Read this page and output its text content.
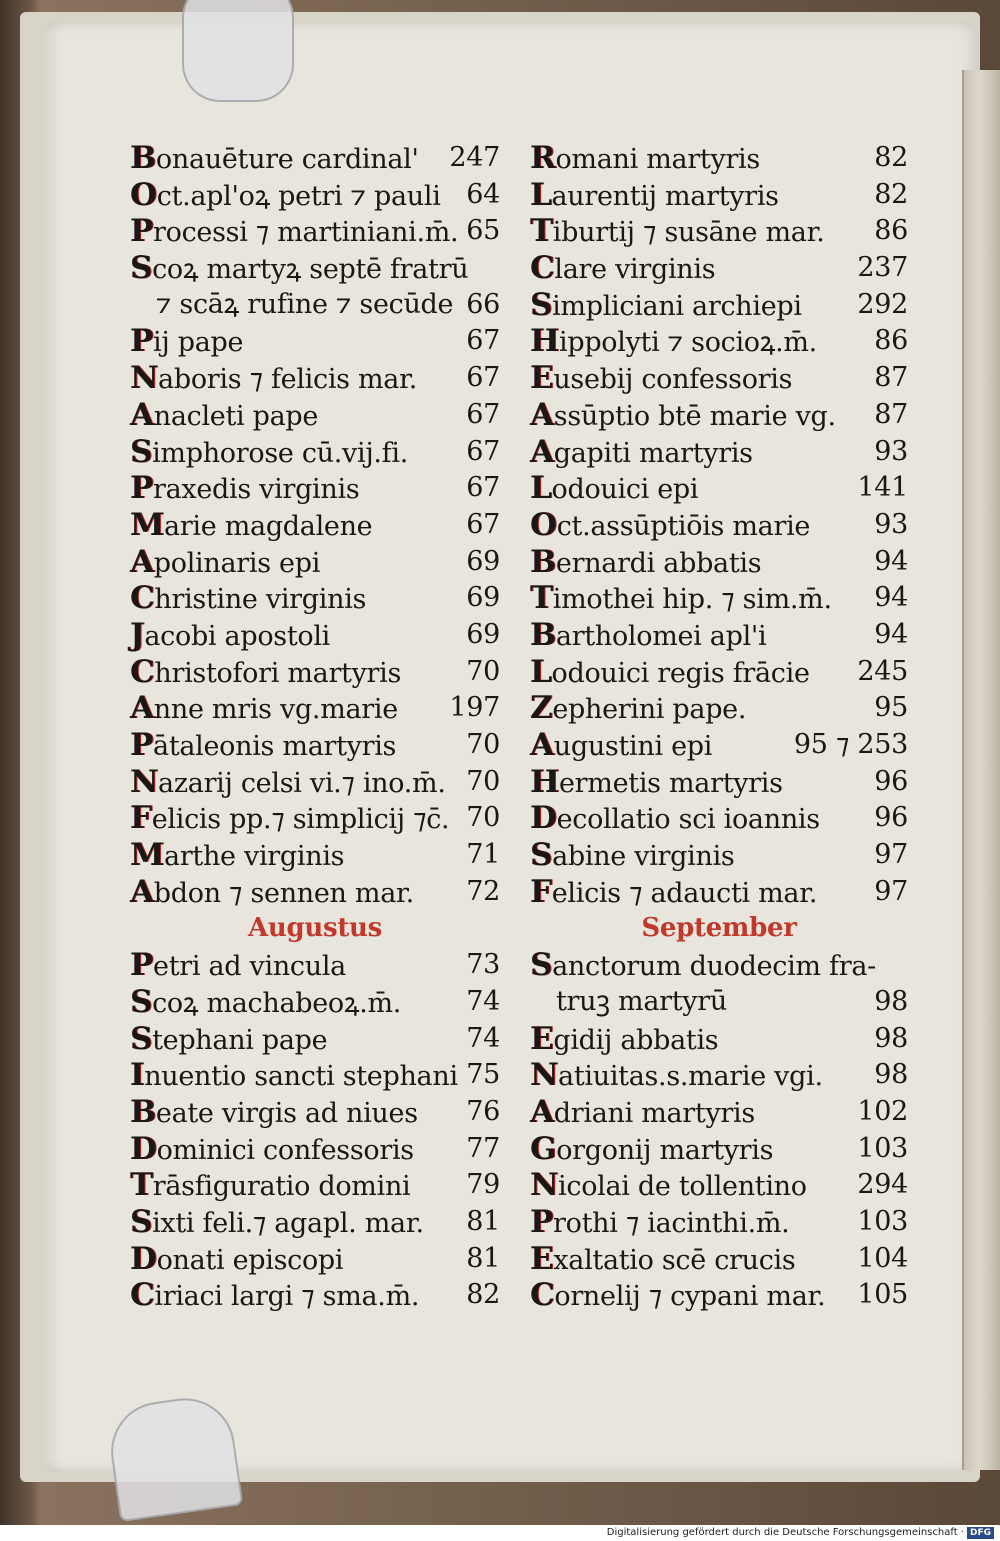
Bonauēture cardinal' 247
Oct.apl'oꝝ petri ⁊ pauli 64
Processi ⁊ martiniani.m̄. 65
Scoꝝ martyꝝ septē fratrū
⁊ scāꝝ rufine ⁊ secūde 66
Pij pape	67
Naboris ⁊ felicis mar. 67
Anacleti pape	67
Simphorose cū.vij.fi. 67
Praxedis virginis	67
Marie magdalene	67
Apolinaris epi	69
Christine virginis	69
Jacobi apostoli	69
Christofori martyris 70
Anne mris vg.marie 197
Pātaleonis martyris	70
Nazarij celsi vi.⁊ ino.m̄. 70
Felicis pp.⁊ simplicij ⁊c̄. 70
Marthe virginis	71
Abdon ⁊ sennen mar. 72
Augustus
Petri ad vincula	73
Scoꝝ machabeoꝝ.m̄. 74
Stephani pape	74
Inuentio sancti stephani 75
Beate virgis ad niues 76
Dominici confessoris 77
Trāsfiguratio domini 79
Sixti feli.⁊ agapl. mar. 81
Donati episcopi	81
Ciriaci largi ⁊ sma.m̄. 82
Romani martyris	82
Laurentij martyris	82
Tiburtij ⁊ susāne mar. 86
Clare virginis	237
Simpliciani archiepi 292
Hippolyti ⁊ socioꝝ.m̄. 86
Eusebij confessoris	87
Assūptio btē marie vg. 87
Agapiti martyris	93
Lodouici epi	141
Oct.assūptiōis marie 93
Bernardi abbatis	94
Timothei hip. ⁊ sim.m̄. 94
Bartholomei apl'i	94
Lodouici regis frācie 245
Zepherini pape.	95
Augustini epi	95 ⁊ 253
Hermetis martyris	96
Decollatio sci ioannis 96
Sabine virginis	97
Felicis ⁊ adaucti mar. 97
September
Sanctorum duodecim fra-
truꝫ martyrū	98
Egidij abbatis	98
Natiuitas.s.marie vgi. 98
Adriani martyris	102
Gorgonij martyris	103
Nicolai de tollentino 294
Prothi ⁊ iacinthi.m̄.	103
Exaltatio scē crucis 104
Cornelij ⁊ cypani mar. 105
Digitalisierung gefördert durch die Deutsche Forschungsgemeinschaft · DFG
